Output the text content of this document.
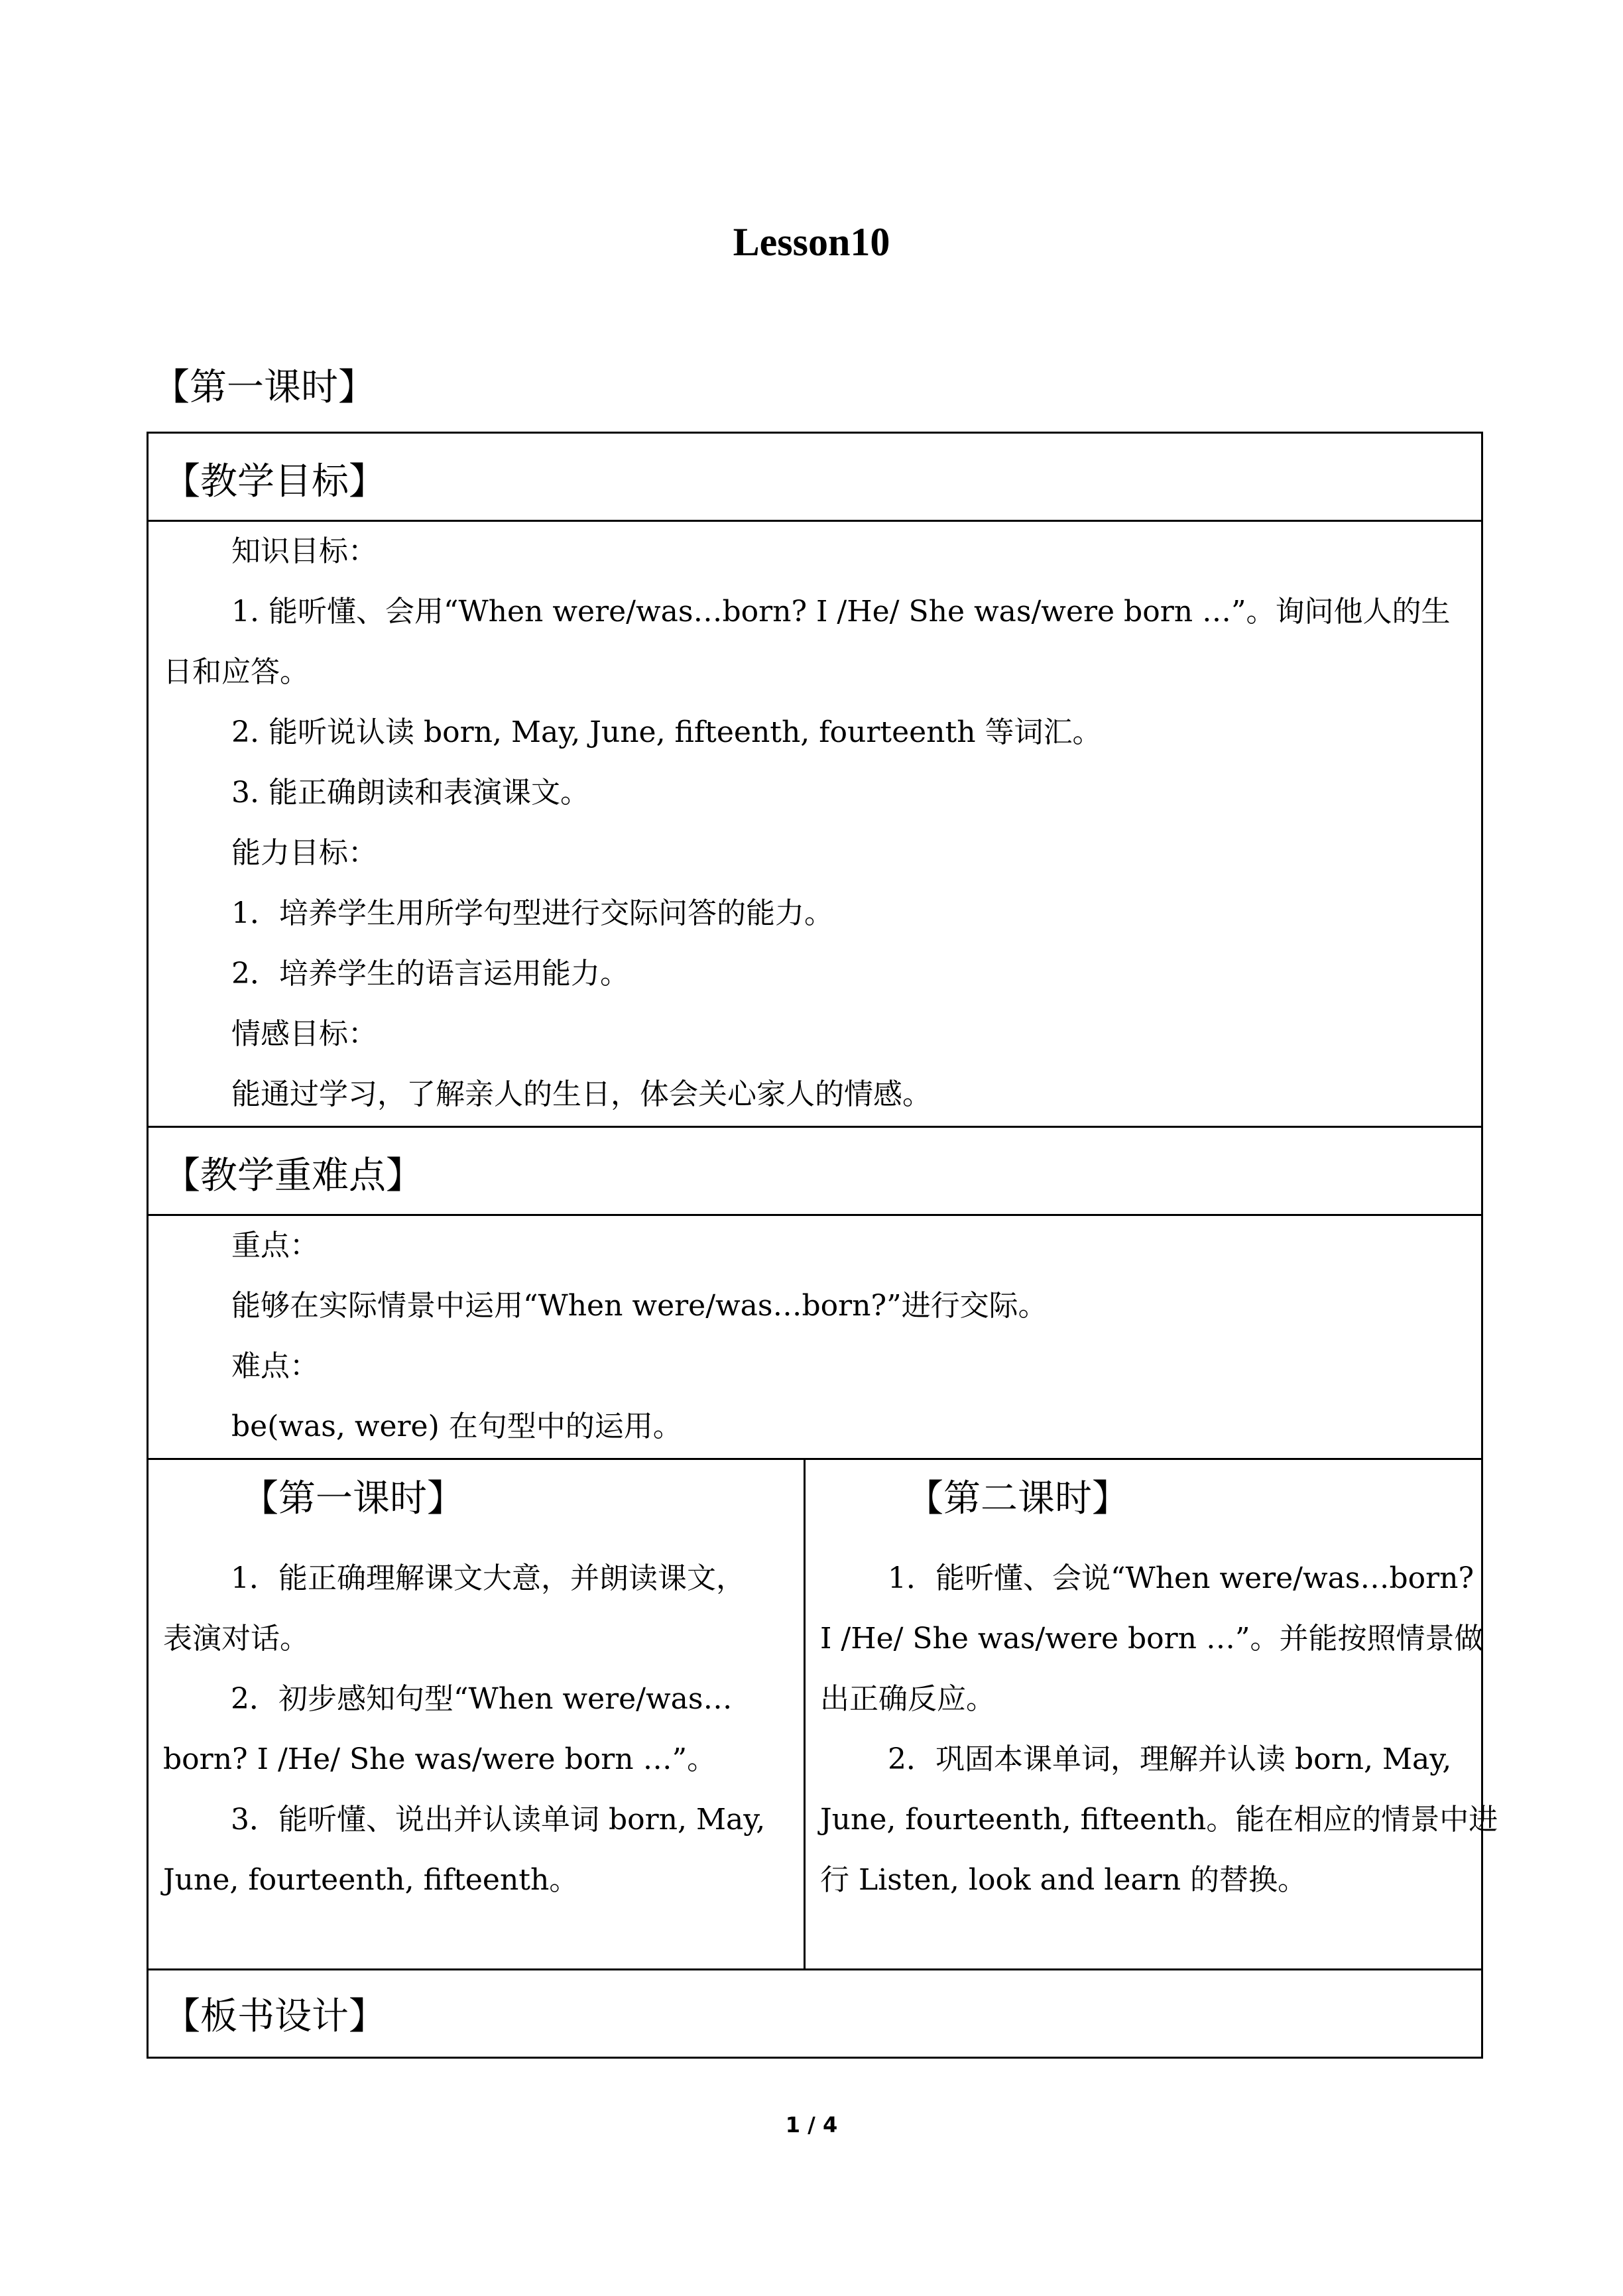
Lesson10
【第一课时】
【教学目标】
知识目标：
1. 能听懂、会用“When were/was…born? I /He/ She was/were born …”。询问他人的生
日和应答。
2. 能听说认读 born, May, June, fifteenth, fourteenth 等词汇。
3. 能正确朗读和表演课文。
能力目标：
1．培养学生用所学句型进行交际问答的能力。
2．培养学生的语言运用能力。
情感目标：
能通过学习，了解亲人的生日，体会关心家人的情感。
【教学重难点】
重点：
能够在实际情景中运用“When were/was…born?”进行交际。
难点：
be(was, were) 在句型中的运用。
【第一课时】
1．能正确理解课文大意，并朗读课文，
表演对话。
2．初步感知句型“When were/was…
born? I /He/ She was/were born …”。
3．能听懂、说出并认读单词 born, May,
June, fourteenth, fifteenth。
【第二课时】
1．能听懂、会说“When were/was…born?
I /He/ She was/were born …”。并能按照情景做
出正确反应。
2．巩固本课单词，理解并认读 born, May,
June, fourteenth, fifteenth。能在相应的情景中进
行 Listen, look and learn 的替换。
【板书设计】
1 / 4
